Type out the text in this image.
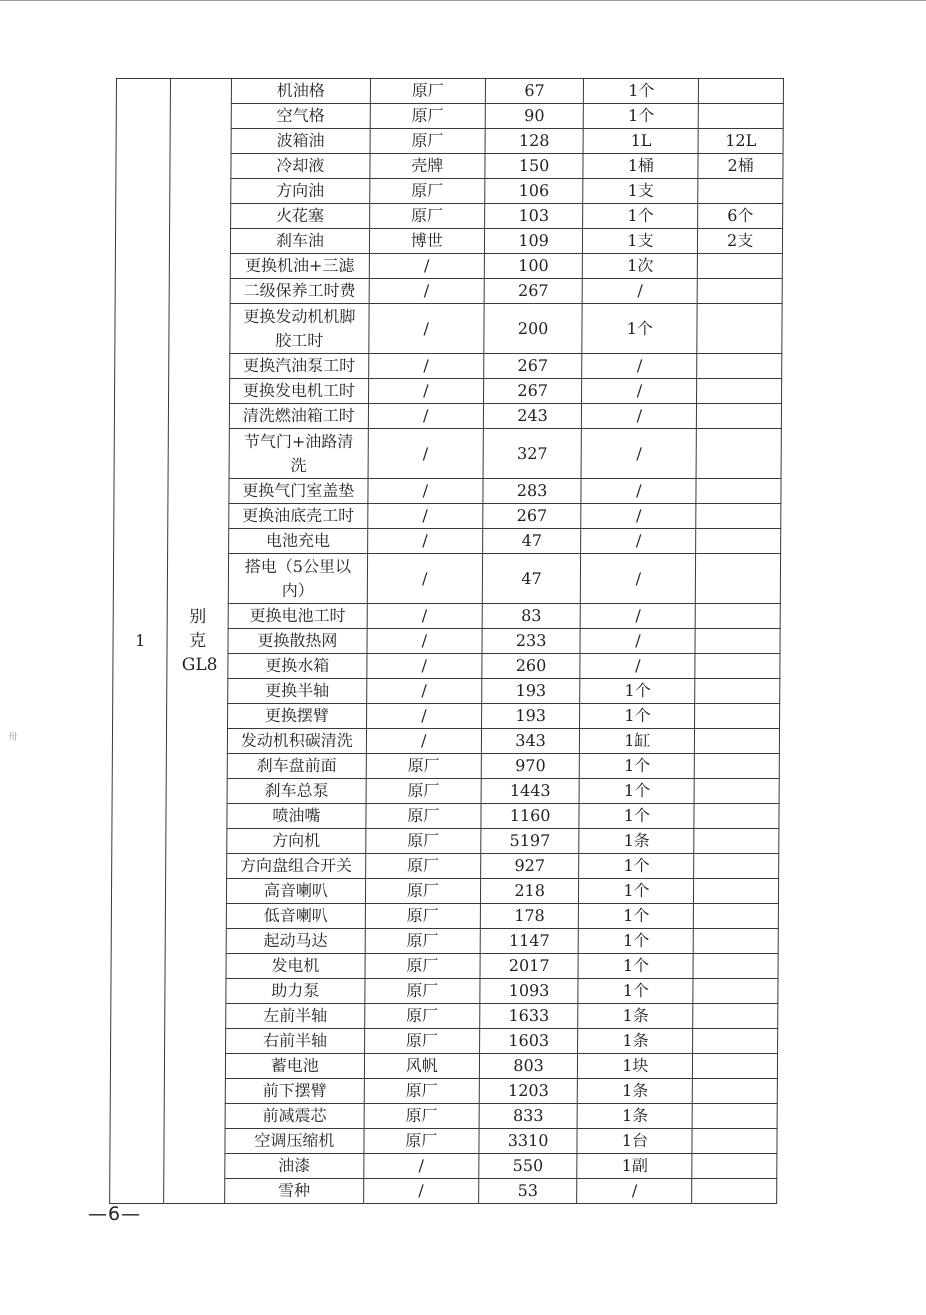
1	别克GL8	机油格	原厂	67	1个	
		空气格	原厂	90	1个	
		波箱油	原厂	128	1L	12L
		冷却液	壳牌	150	1桶	2桶
		方向油	原厂	106	1支	
		火花塞	原厂	103	1个	6个
		刹车油	博世	109	1支	2支
		更换机油+三滤	/	100	1次	
		二级保养工时费	/	267	/	
		更换发动机机脚胶工时	/	200	1个	
		更换汽油泵工时	/	267	/	
		更换发电机工时	/	267	/	
		清洗燃油箱工时	/	243	/	
		节气门+油路清洗	/	327	/	
		更换气门室盖垫	/	283	/	
		更换油底壳工时	/	267	/	
		电池充电	/	47	/	
		搭电（5公里以内）	/	47	/	
		更换电池工时	/	83	/	
		更换散热网	/	233	/	
		更换水箱	/	260	/	
		更换半轴	/	193	1个	
		更换摆臂	/	193	1个	
		发动机积碳清洗	/	343	1缸	
		刹车盘前面	原厂	970	1个	
		刹车总泵	原厂	1443	1个	
		喷油嘴	原厂	1160	1个	
		方向机	原厂	5197	1条	
		方向盘组合开关	原厂	927	1个	
		高音喇叭	原厂	218	1个	
		低音喇叭	原厂	178	1个	
		起动马达	原厂	1147	1个	
		发电机	原厂	2017	1个	
		助力泵	原厂	1093	1个	
		左前半轴	原厂	1633	1条	
		右前半轴	原厂	1603	1条	
		蓄电池	风帆	803	1块	
		前下摆臂	原厂	1203	1条	
		前减震芯	原厂	833	1条	
		空调压缩机	原厂	3310	1台	
		油漆	/	550	1副	
		雪种	/	53	/	
—6—
卅
